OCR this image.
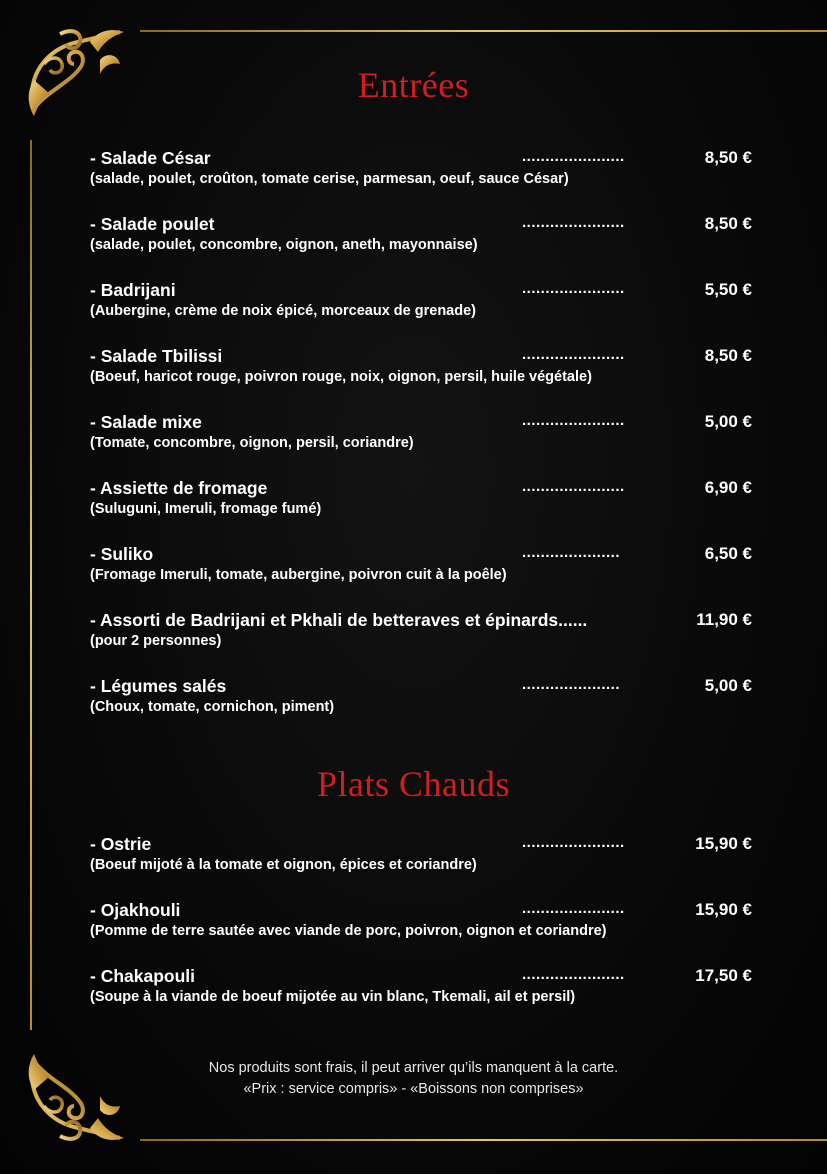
Entrées
- Salade César	......................	8,50 €
(salade, poulet, croûton, tomate cerise, parmesan, oeuf, sauce César)
- Salade poulet	......................	8,50 €
(salade, poulet, concombre, oignon, aneth, mayonnaise)
- Badrijani	......................	5,50 €
(Aubergine, crème de noix épicé, morceaux de grenade)
- Salade Tbilissi	......................	8,50 €
(Boeuf, haricot rouge, poivron rouge, noix, oignon, persil, huile végétale)
- Salade mixe	......................	5,00 €
(Tomate, concombre, oignon, persil, coriandre)
- Assiette de fromage	......................	6,90 €
(Suluguni, Imeruli, fromage fumé)
- Suliko	.....................	6,50 €
(Fromage Imeruli, tomate, aubergine, poivron cuit à la poêle)
- Assorti de Badrijani et Pkhali de betteraves et épinards......	11,90 €
(pour 2 personnes)
- Légumes salés	.....................	5,00 €
(Choux, tomate, cornichon, piment)
Plats Chauds
- Ostrie	......................	15,90 €
(Boeuf mijoté à la tomate et oignon, épices et coriandre)
- Ojakhouli	......................	15,90 €
(Pomme de terre sautée avec viande de porc, poivron, oignon et coriandre)
- Chakapouli	......................	17,50 €
(Soupe à la viande de boeuf mijotée au vin blanc, Tkemali, ail et persil)
Nos produits sont frais, il peut arriver qu’ils manquent à la carte.
«Prix : service compris» - «Boissons non comprises»
